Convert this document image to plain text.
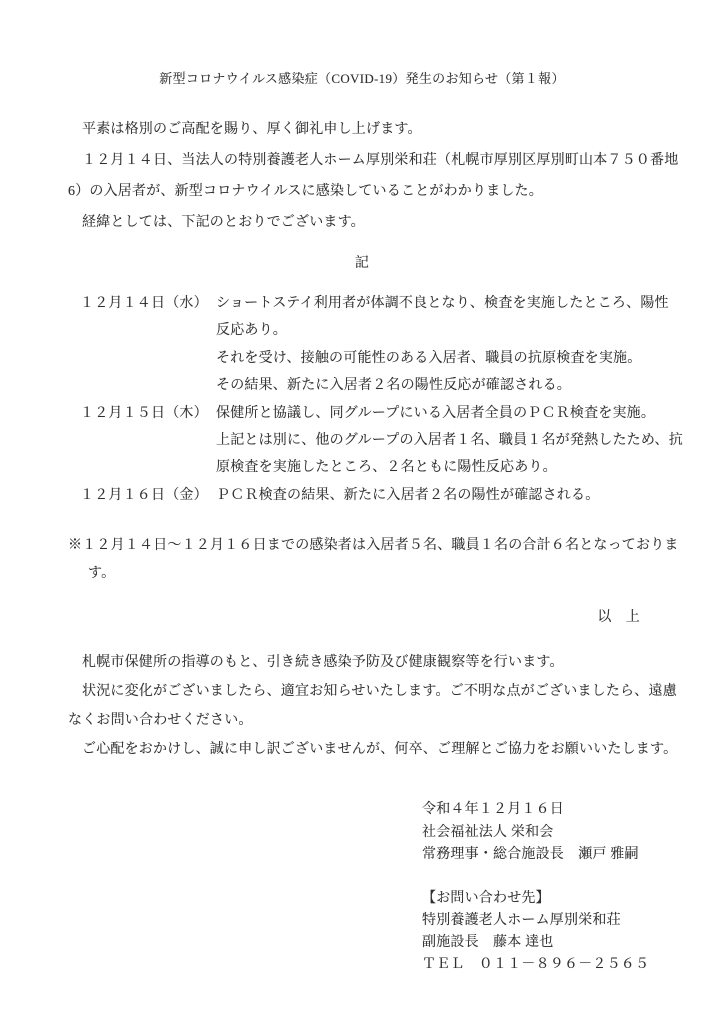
新型コロナウイルス感染症（COVID-19）発生のお知らせ（第１報）

平素は格別のご高配を賜り、厚く御礼申し上げます。

１２月１４日、当法人の特別養護老人ホーム厚別栄和荘（札幌市厚別区厚別町山本７５０番地6）の入居者が、新型コロナウイルスに感染していることがわかりました。

経緯としては、下記のとおりでございます。

記
１２月１４日（水） ショートステイ利用者が体調不良となり、検査を実施したところ、陽性
反応あり。
それを受け、接触の可能性のある入居者、職員の抗原検査を実施。
その結果、新たに入居者２名の陽性反応が確認される。
１２月１５日（木） 保健所と協議し、同グループにいる入居者全員のＰＣＲ検査を実施。
上記とは別に、他のグループの入居者１名、職員１名が発熱したため、抗
原検査を実施したところ、２名ともに陽性反応あり。
１２月１６日（金） ＰＣＲ検査の結果、新たに入居者２名の陽性が確認される。
※１２月１４日～１２月１６日までの感染者は入居者５名、職員１名の合計６名となっております。
以　上

札幌市保健所の指導のもと、引き続き感染予防及び健康観察等を行います。

状況に変化がございましたら、適宜お知らせいたします。ご不明な点がございましたら、遠慮なくお問い合わせください。

ご心配をおかけし、誠に申し訳ございませんが、何卒、ご理解とご協力をお願いいたします。

令和４年１２月１６日
社会福祉法人 栄和会
常務理事・総合施設長　瀬戸 雅嗣
【お問い合わせ先】
特別養護老人ホーム厚別栄和荘
副施設長　藤本 達也
ＴＥＬ　０１１－８９６－２５６５
